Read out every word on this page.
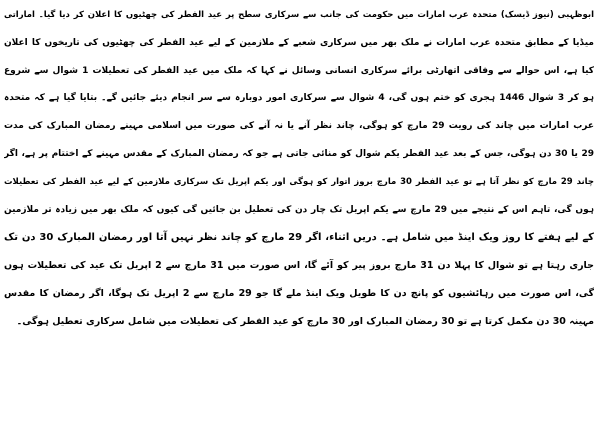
ابوظہبی (نیوز ڈیسک) متحدہ عرب امارات میں حکومت کی جانب سے سرکاری سطح پر عید الفطر کی چھٹیوں کا اعلان کر دیا گیا۔ اماراتی
میڈیا کے مطابق متحدہ عرب امارات نے ملک بھر میں سرکاری شعبے کے ملازمین کے لیے عید الفطر کی چھٹیوں کی تاریخوں کا اعلان
کیا ہے، اس حوالے سے وفاقی اتھارٹی برائے سرکاری انسانی وسائل نے کہا کہ ملک میں عید الفطر کی تعطیلات 1 شوال سے شروع
ہو کر 3 شوال 1446 ہجری کو ختم ہوں گی، 4 شوال سے سرکاری امور دوبارہ سے سر انجام دیئے جائیں گے۔ بتایا گیا ہے کہ متحدہ
عرب امارات میں چاند کی رویت 29 مارچ کو ہوگی، چاند نظر آنے یا نہ آنے کی صورت میں اسلامی مہینے رمضان المبارک کی مدت
29 یا 30 دن ہوگی، جس کے بعد عید الفطر یکم شوال کو منائی جاتی ہے جو کہ رمضان المبارک کے مقدس مہینے کے اختتام پر ہے، اگر
چاند 29 مارچ کو نظر آتا ہے تو عید الفطر 30 مارچ بروز اتوار کو ہوگی اور یکم اپریل تک سرکاری ملازمین کے لیے عید الفطر کی تعطیلات
ہوں گی، تاہم اس کے نتیجے میں 29 مارچ سے یکم اپریل تک چار دن کی تعطیل بن جائیں گی کیوں کہ ملک بھر میں زیادہ تر ملازمین
کے لیے ہفتے کا روز ویک اینڈ میں شامل ہے۔ دریں اثناء، اگر 29 مارچ کو چاند نظر نہیں آتا اور رمضان المبارک 30 دن تک
جاری رہتا ہے تو شوال کا پہلا دن 31 مارچ بروز پیر کو آئے گا، اس صورت میں 31 مارچ سے 2 اپریل تک عید کی تعطیلات ہوں
گی، اس صورت میں رہائشیوں کو پانچ دن کا طویل ویک اینڈ ملے گا جو 29 مارچ سے 2 اپریل تک ہوگا، اگر رمضان کا مقدس
مہینہ 30 دن مکمل کرتا ہے تو 30 رمضان المبارک اور 30 مارچ کو عید الفطر کی تعطیلات میں شامل سرکاری تعطیل ہوگی۔
